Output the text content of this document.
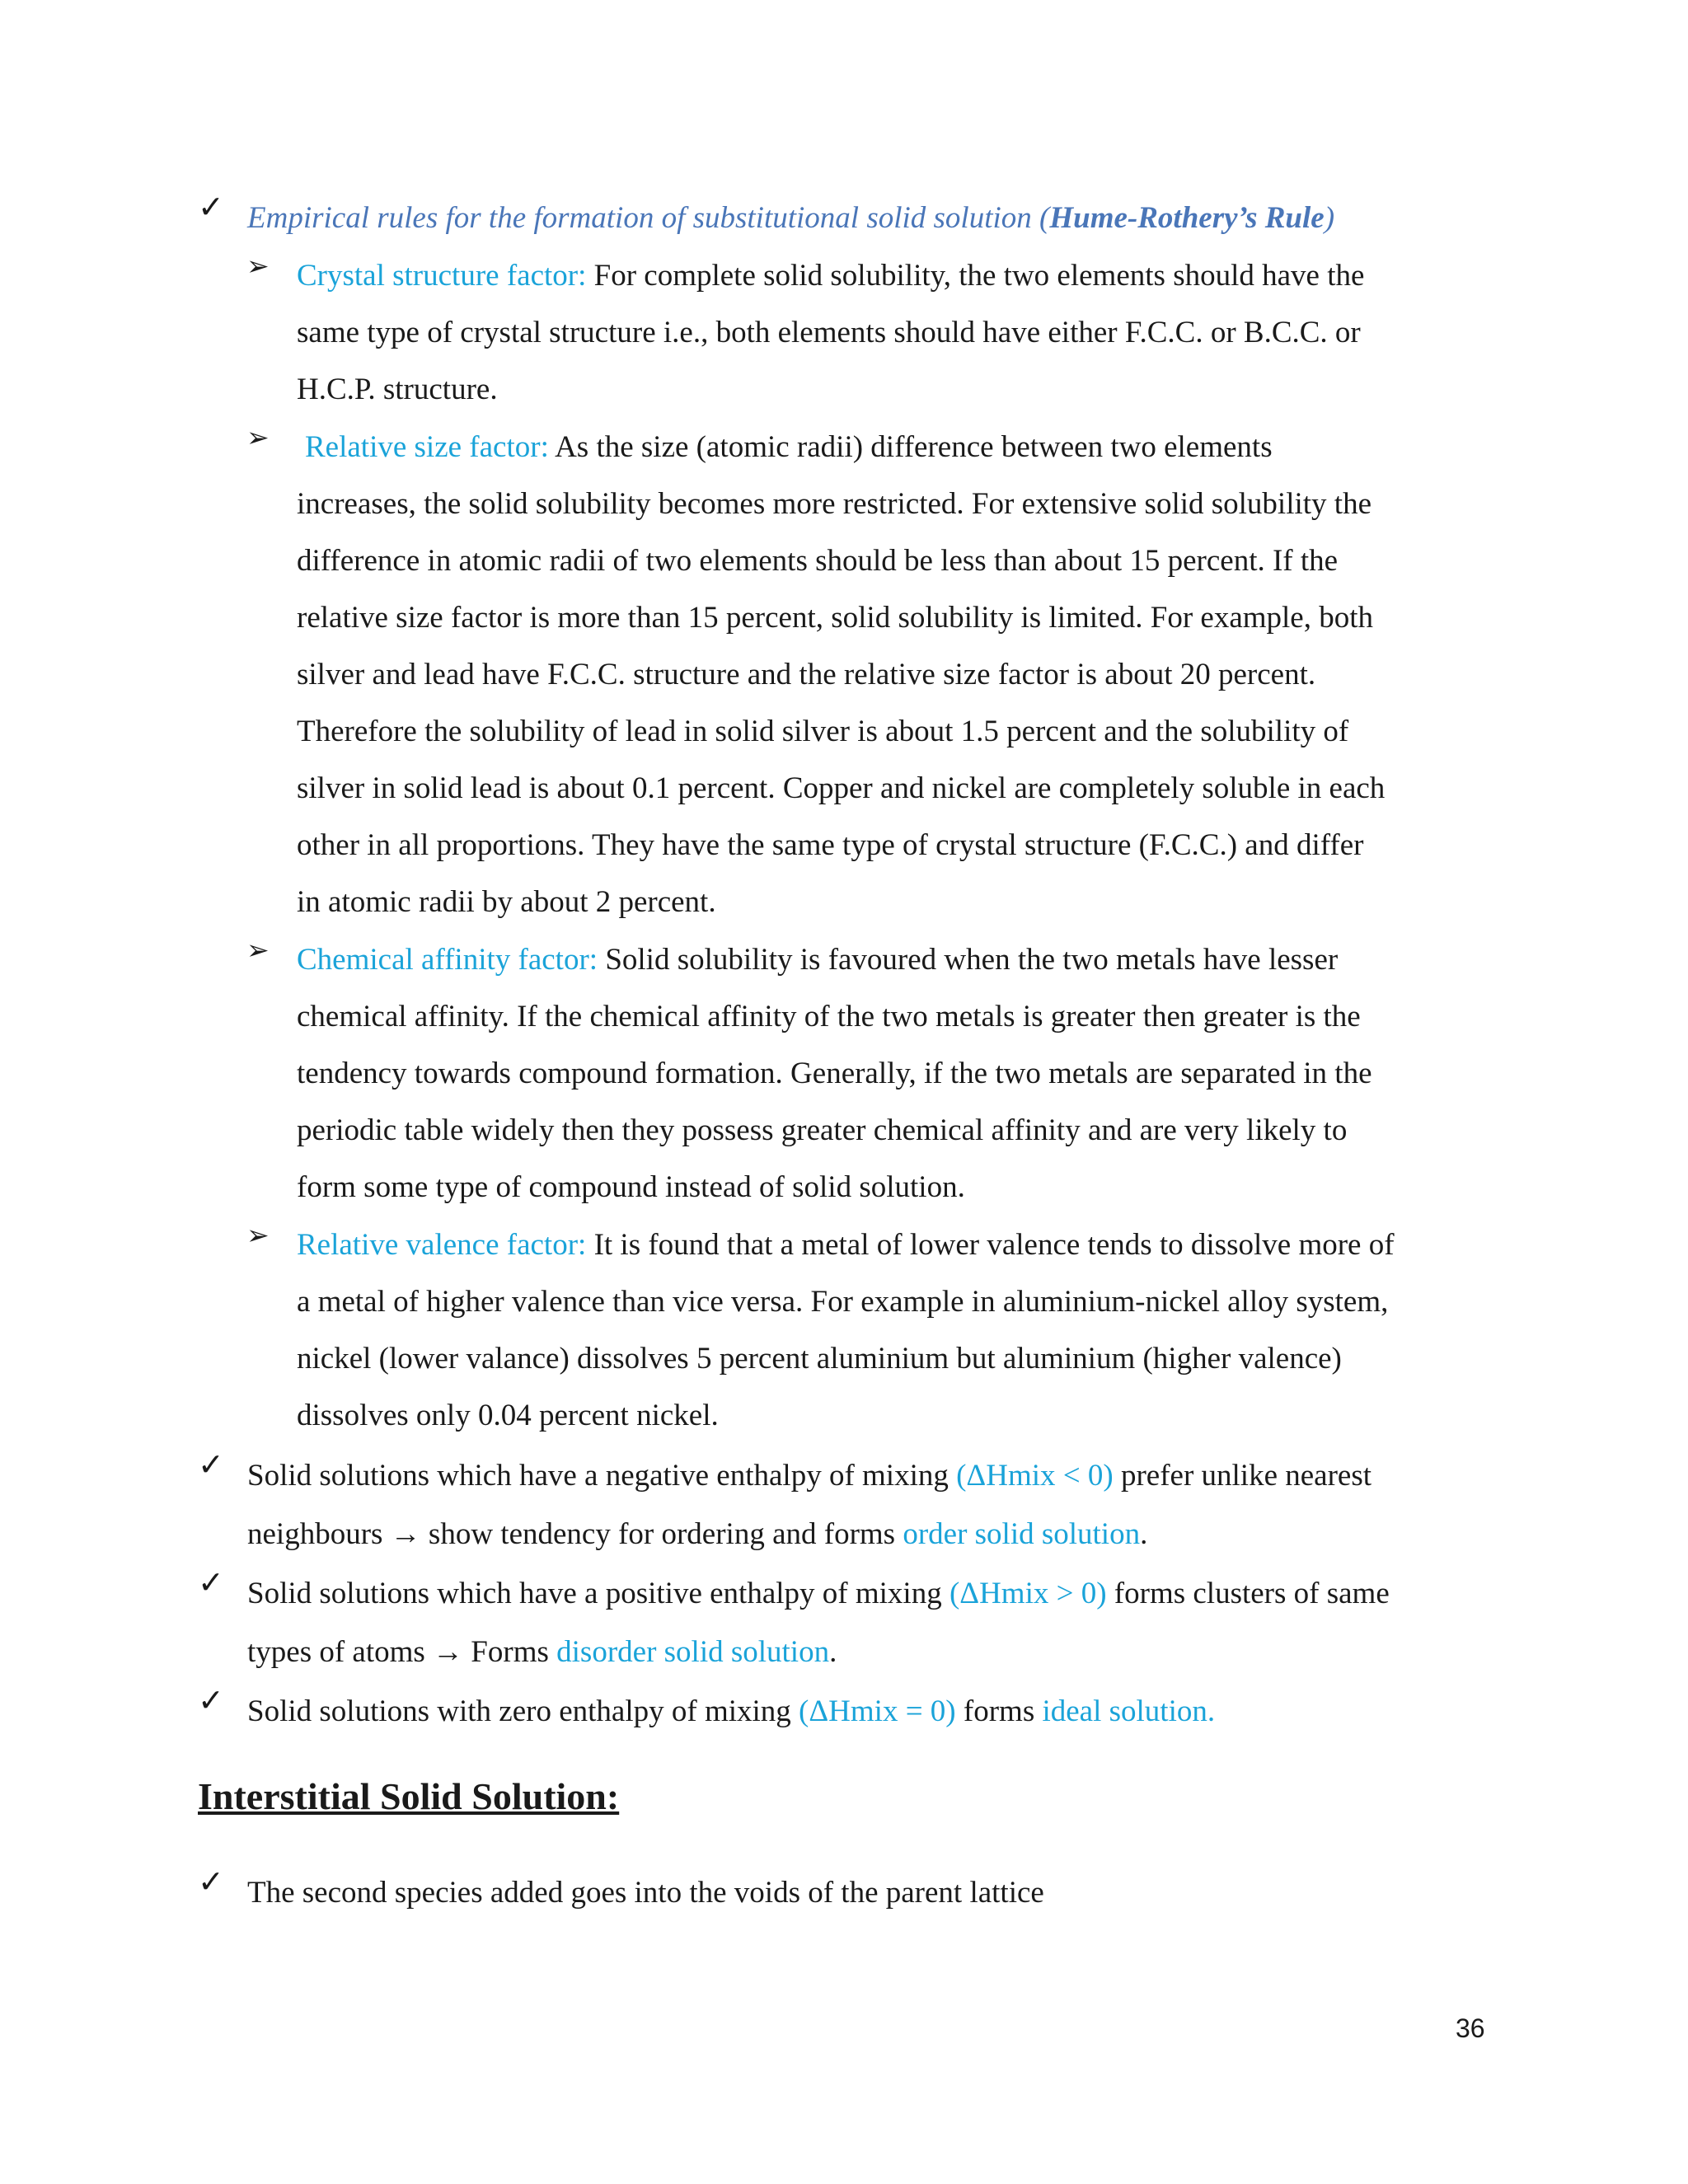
✓ Empirical rules for the formation of substitutional solid solution (Hume-Rothery’s Rule)
➢ Crystal structure factor: For complete solid solubility, the two elements should have the
same type of crystal structure i.e., both elements should have either F.C.C. or B.C.C. or
H.C.P. structure.
➢ Relative size factor: As the size (atomic radii) difference between two elements
increases, the solid solubility becomes more restricted. For extensive solid solubility the
difference in atomic radii of two elements should be less than about 15 percent. If the
relative size factor is more than 15 percent, solid solubility is limited. For example, both
silver and lead have F.C.C. structure and the relative size factor is about 20 percent.
Therefore the solubility of lead in solid silver is about 1.5 percent and the solubility of
silver in solid lead is about 0.1 percent. Copper and nickel are completely soluble in each
other in all proportions. They have the same type of crystal structure (F.C.C.) and differ
in atomic radii by about 2 percent.
➢ Chemical affinity factor: Solid solubility is favoured when the two metals have lesser
chemical affinity. If the chemical affinity of the two metals is greater then greater is the
tendency towards compound formation. Generally, if the two metals are separated in the
periodic table widely then they possess greater chemical affinity and are very likely to
form some type of compound instead of solid solution.
➢ Relative valence factor: It is found that a metal of lower valence tends to dissolve more of
a metal of higher valence than vice versa. For example in aluminium-nickel alloy system,
nickel (lower valance) dissolves 5 percent aluminium but aluminium (higher valence)
dissolves only 0.04 percent nickel.
✓ Solid solutions which have a negative enthalpy of mixing (ΔHmix < 0) prefer unlike nearest
neighbours → show tendency for ordering and forms order solid solution.
✓ Solid solutions which have a positive enthalpy of mixing (ΔHmix > 0) forms clusters of same
types of atoms → Forms disorder solid solution.
✓ Solid solutions with zero enthalpy of mixing (ΔHmix = 0) forms ideal solution.
Interstitial Solid Solution:
✓ The second species added goes into the voids of the parent lattice
36
